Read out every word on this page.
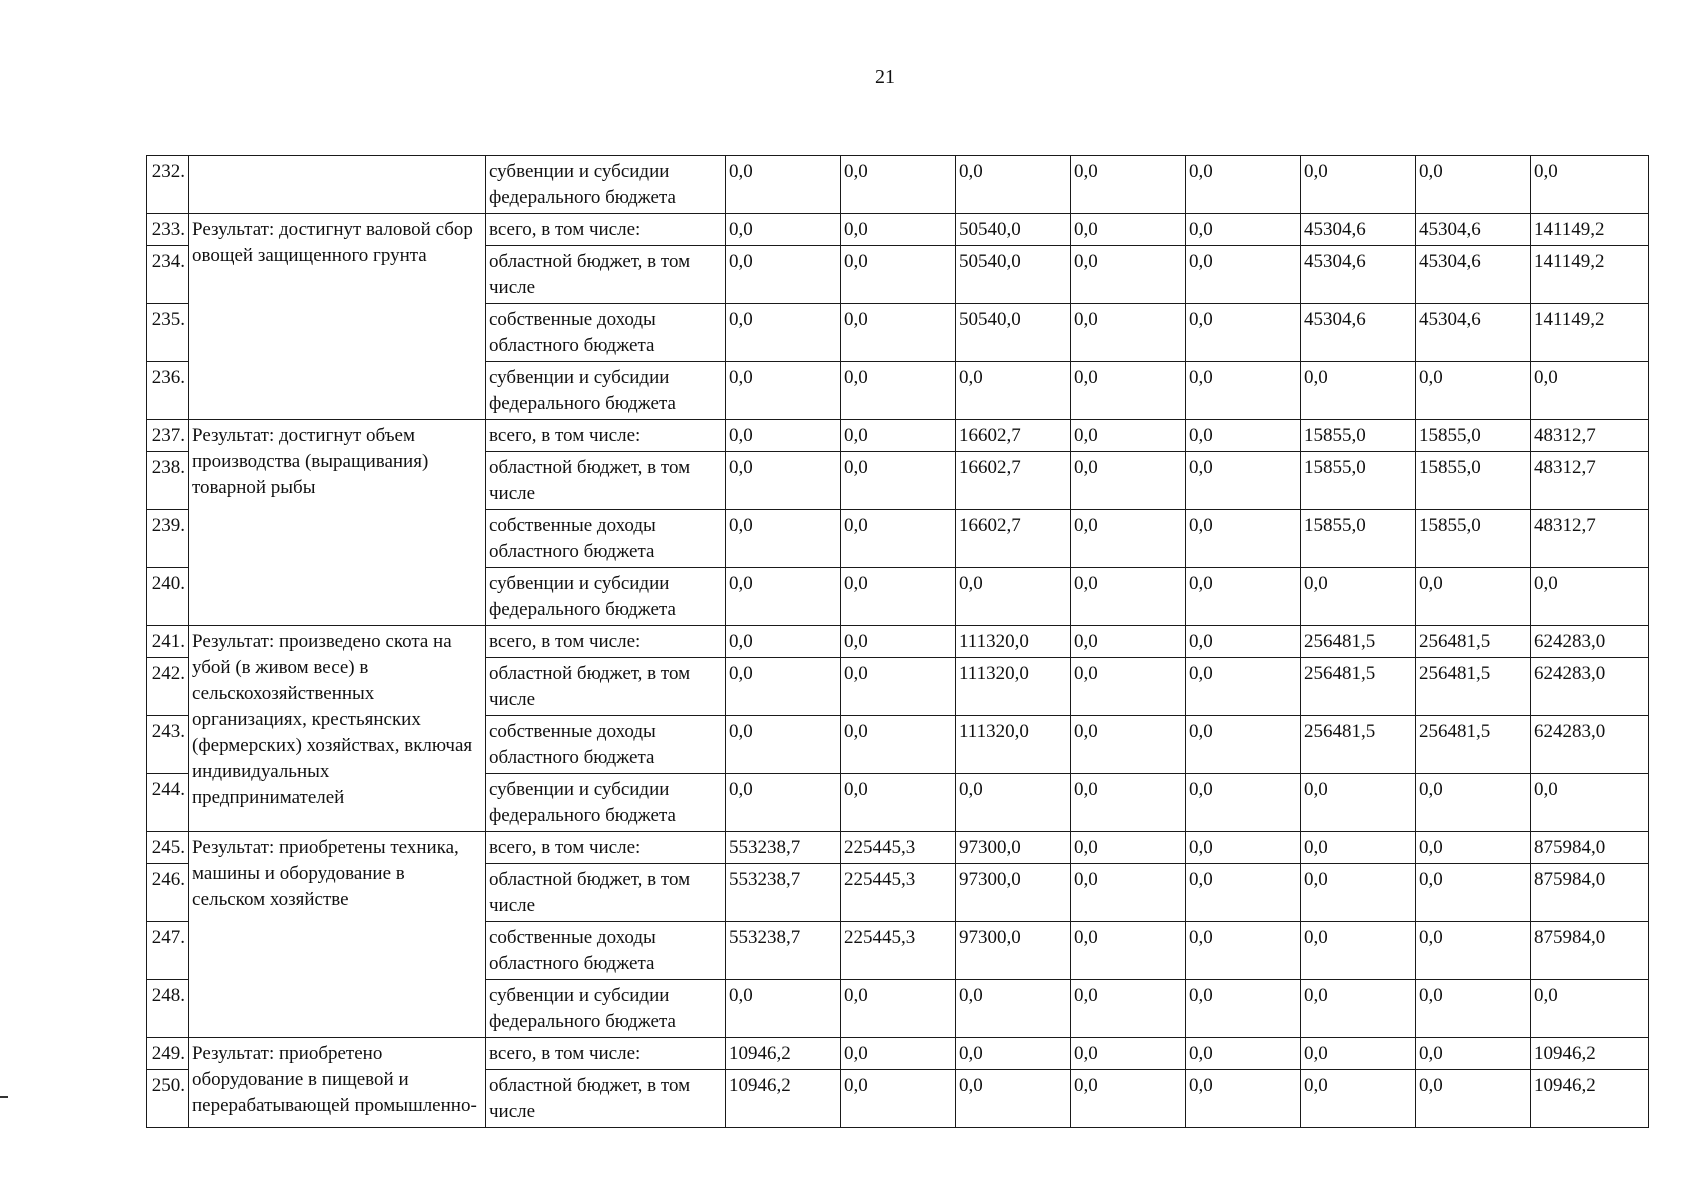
21
232.		субвенции и субсидии федерального бюджета	0,0	0,0	0,0	0,0	0,0	0,0	0,0	0,0
233.	Результат: достигнут валовой сбор овощей защищенного грунта	всего, в том числе:	0,0	0,0	50540,0	0,0	0,0	45304,6	45304,6	141149,2
234.		областной бюджет, в том числе	0,0	0,0	50540,0	0,0	0,0	45304,6	45304,6	141149,2
235.		собственные доходы областного бюджета	0,0	0,0	50540,0	0,0	0,0	45304,6	45304,6	141149,2
236.		субвенции и субсидии федерального бюджета	0,0	0,0	0,0	0,0	0,0	0,0	0,0	0,0
237.	Результат: достигнут объем производства (выращивания) товарной рыбы	всего, в том числе:	0,0	0,0	16602,7	0,0	0,0	15855,0	15855,0	48312,7
238.		областной бюджет, в том числе	0,0	0,0	16602,7	0,0	0,0	15855,0	15855,0	48312,7
239.		собственные доходы областного бюджета	0,0	0,0	16602,7	0,0	0,0	15855,0	15855,0	48312,7
240.		субвенции и субсидии федерального бюджета	0,0	0,0	0,0	0,0	0,0	0,0	0,0	0,0
241.	Результат: произведено скота на убой (в живом весе) в сельскохозяйственных организациях, крестьянских (фермерских) хозяйствах, включая индивидуальных предпринимателей	всего, в том числе:	0,0	0,0	111320,0	0,0	0,0	256481,5	256481,5	624283,0
242.		областной бюджет, в том числе	0,0	0,0	111320,0	0,0	0,0	256481,5	256481,5	624283,0
243.		собственные доходы областного бюджета	0,0	0,0	111320,0	0,0	0,0	256481,5	256481,5	624283,0
244.		субвенции и субсидии федерального бюджета	0,0	0,0	0,0	0,0	0,0	0,0	0,0	0,0
245.	Результат: приобретены техника, машины и оборудование в сельском хозяйстве	всего, в том числе:	553238,7	225445,3	97300,0	0,0	0,0	0,0	0,0	875984,0
246.		областной бюджет, в том числе	553238,7	225445,3	97300,0	0,0	0,0	0,0	0,0	875984,0
247.		собственные доходы областного бюджета	553238,7	225445,3	97300,0	0,0	0,0	0,0	0,0	875984,0
248.		субвенции и субсидии федерального бюджета	0,0	0,0	0,0	0,0	0,0	0,0	0,0	0,0
249.	Результат: приобретено оборудование в пищевой и перерабатывающей промышленно-	всего, в том числе:	10946,2	0,0	0,0	0,0	0,0	0,0	0,0	10946,2
250.		областной бюджет, в том числе	10946,2	0,0	0,0	0,0	0,0	0,0	0,0	10946,2
